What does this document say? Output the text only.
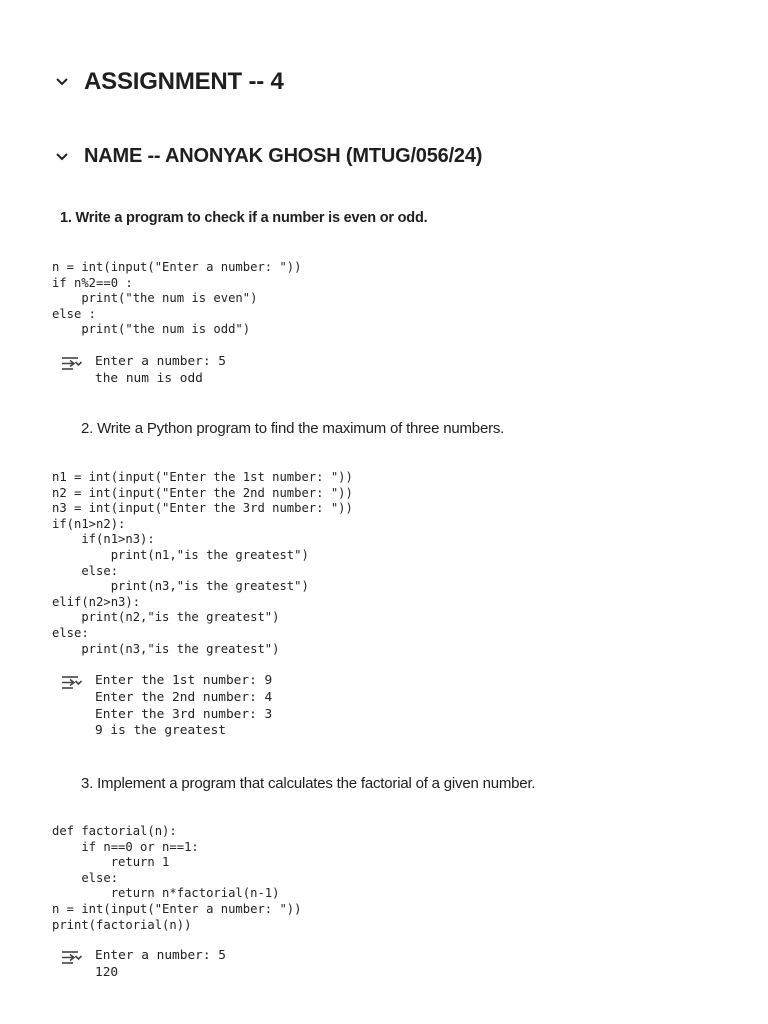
ASSIGNMENT -- 4
NAME -- ANONYAK GHOSH (MTUG/056/24)
1. Write a program to check if a number is even or odd.
n = int(input("Enter a number: "))
if n%2==0 :
print("the num is even")
else :
print("the num is odd")
Enter a number: 5
the num is odd
2. Write a Python program to find the maximum of three numbers.
n1 = int(input("Enter the 1st number: "))
n2 = int(input("Enter the 2nd number: "))
n3 = int(input("Enter the 3rd number: "))
if(n1>n2):
if(n1>n3):
print(n1,"is the greatest")
else:
print(n3,"is the greatest")
elif(n2>n3):
print(n2,"is the greatest")
else:
print(n3,"is the greatest")
Enter the 1st number: 9
Enter the 2nd number: 4
Enter the 3rd number: 3
9 is the greatest
3. Implement a program that calculates the factorial of a given number.
def factorial(n):
if n==0 or n==1:
return 1
else:
return n*factorial(n-1)
n = int(input("Enter a number: "))
print(factorial(n))
Enter a number: 5
120
